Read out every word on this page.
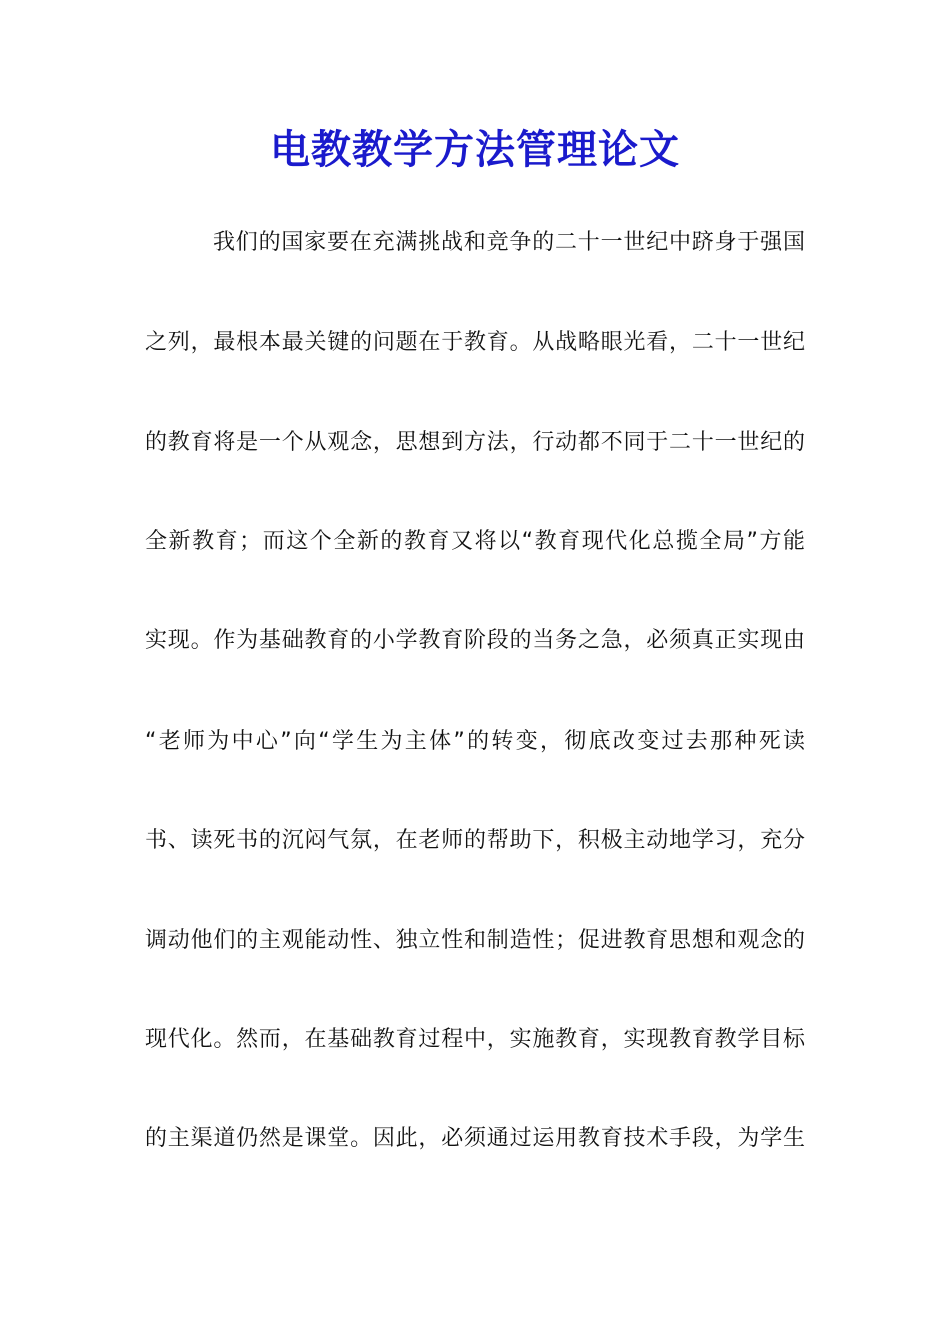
电教教学方法管理论文
我们的国家要在充满挑战和竞争的二十一世纪中跻身于强国
之列，最根本最关键的问题在于教育。从战略眼光看，二十一世纪
的教育将是一个从观念，思想到方法，行动都不同于二十一世纪的
全新教育；而这个全新的教育又将以“教育现代化总揽全局”方能
实现。作为基础教育的小学教育阶段的当务之急，必须真正实现由
“老师为中心”向“学生为主体”的转变，彻底改变过去那种死读
书、读死书的沉闷气氛，在老师的帮助下，积极主动地学习，充分
调动他们的主观能动性、独立性和制造性；促进教育思想和观念的
现代化。然而，在基础教育过程中，实施教育，实现教育教学目标
的主渠道仍然是课堂。因此，必须通过运用教育技术手段，为学生
